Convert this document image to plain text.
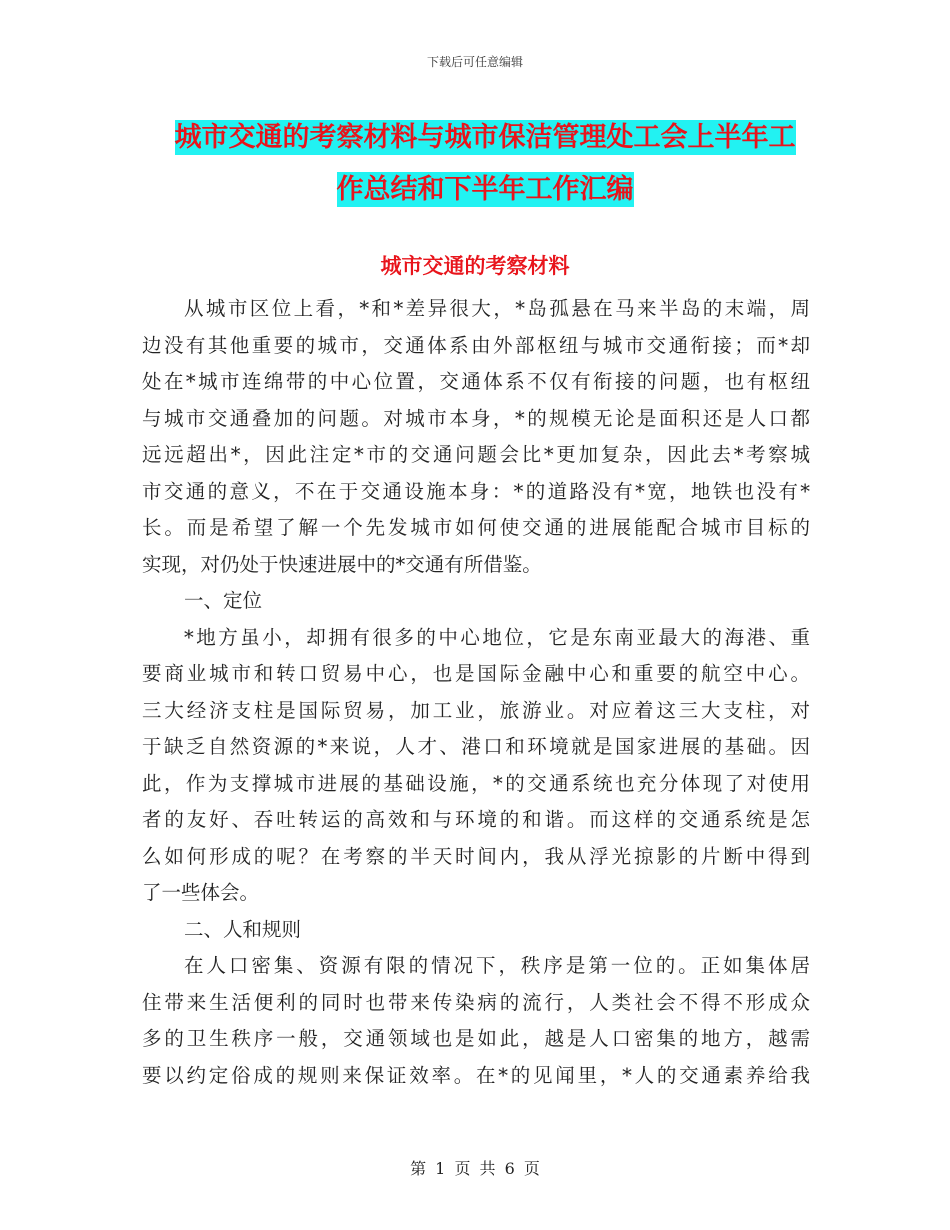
下载后可任意编辑
城市交通的考察材料与城市保洁管理处工会上半年工
作总结和下半年工作汇编
城市交通的考察材料
从城市区位上看，*和*差异很大，*岛孤悬在马来半岛的末端，周
边没有其他重要的城市，交通体系由外部枢纽与城市交通衔接；而*却
处在*城市连绵带的中心位置，交通体系不仅有衔接的问题，也有枢纽
与城市交通叠加的问题。对城市本身，*的规模无论是面积还是人口都
远远超出*，因此注定*市的交通问题会比*更加复杂，因此去*考察城
市交通的意义，不在于交通设施本身：*的道路没有*宽，地铁也没有*
长。而是希望了解一个先发城市如何使交通的进展能配合城市目标的
实现，对仍处于快速进展中的*交通有所借鉴。
一、定位
*地方虽小，却拥有很多的中心地位，它是东南亚最大的海港、重
要商业城市和转口贸易中心，也是国际金融中心和重要的航空中心。
三大经济支柱是国际贸易，加工业，旅游业。对应着这三大支柱，对
于缺乏自然资源的*来说，人才、港口和环境就是国家进展的基础。因
此，作为支撑城市进展的基础设施，*的交通系统也充分体现了对使用
者的友好、吞吐转运的高效和与环境的和谐。而这样的交通系统是怎
么如何形成的呢？在考察的半天时间内，我从浮光掠影的片断中得到
了一些体会。
二、人和规则
在人口密集、资源有限的情况下，秩序是第一位的。正如集体居
住带来生活便利的同时也带来传染病的流行，人类社会不得不形成众
多的卫生秩序一般，交通领域也是如此，越是人口密集的地方，越需
要以约定俗成的规则来保证效率。在*的见闻里，*人的交通素养给我
第 1 页 共 6 页
